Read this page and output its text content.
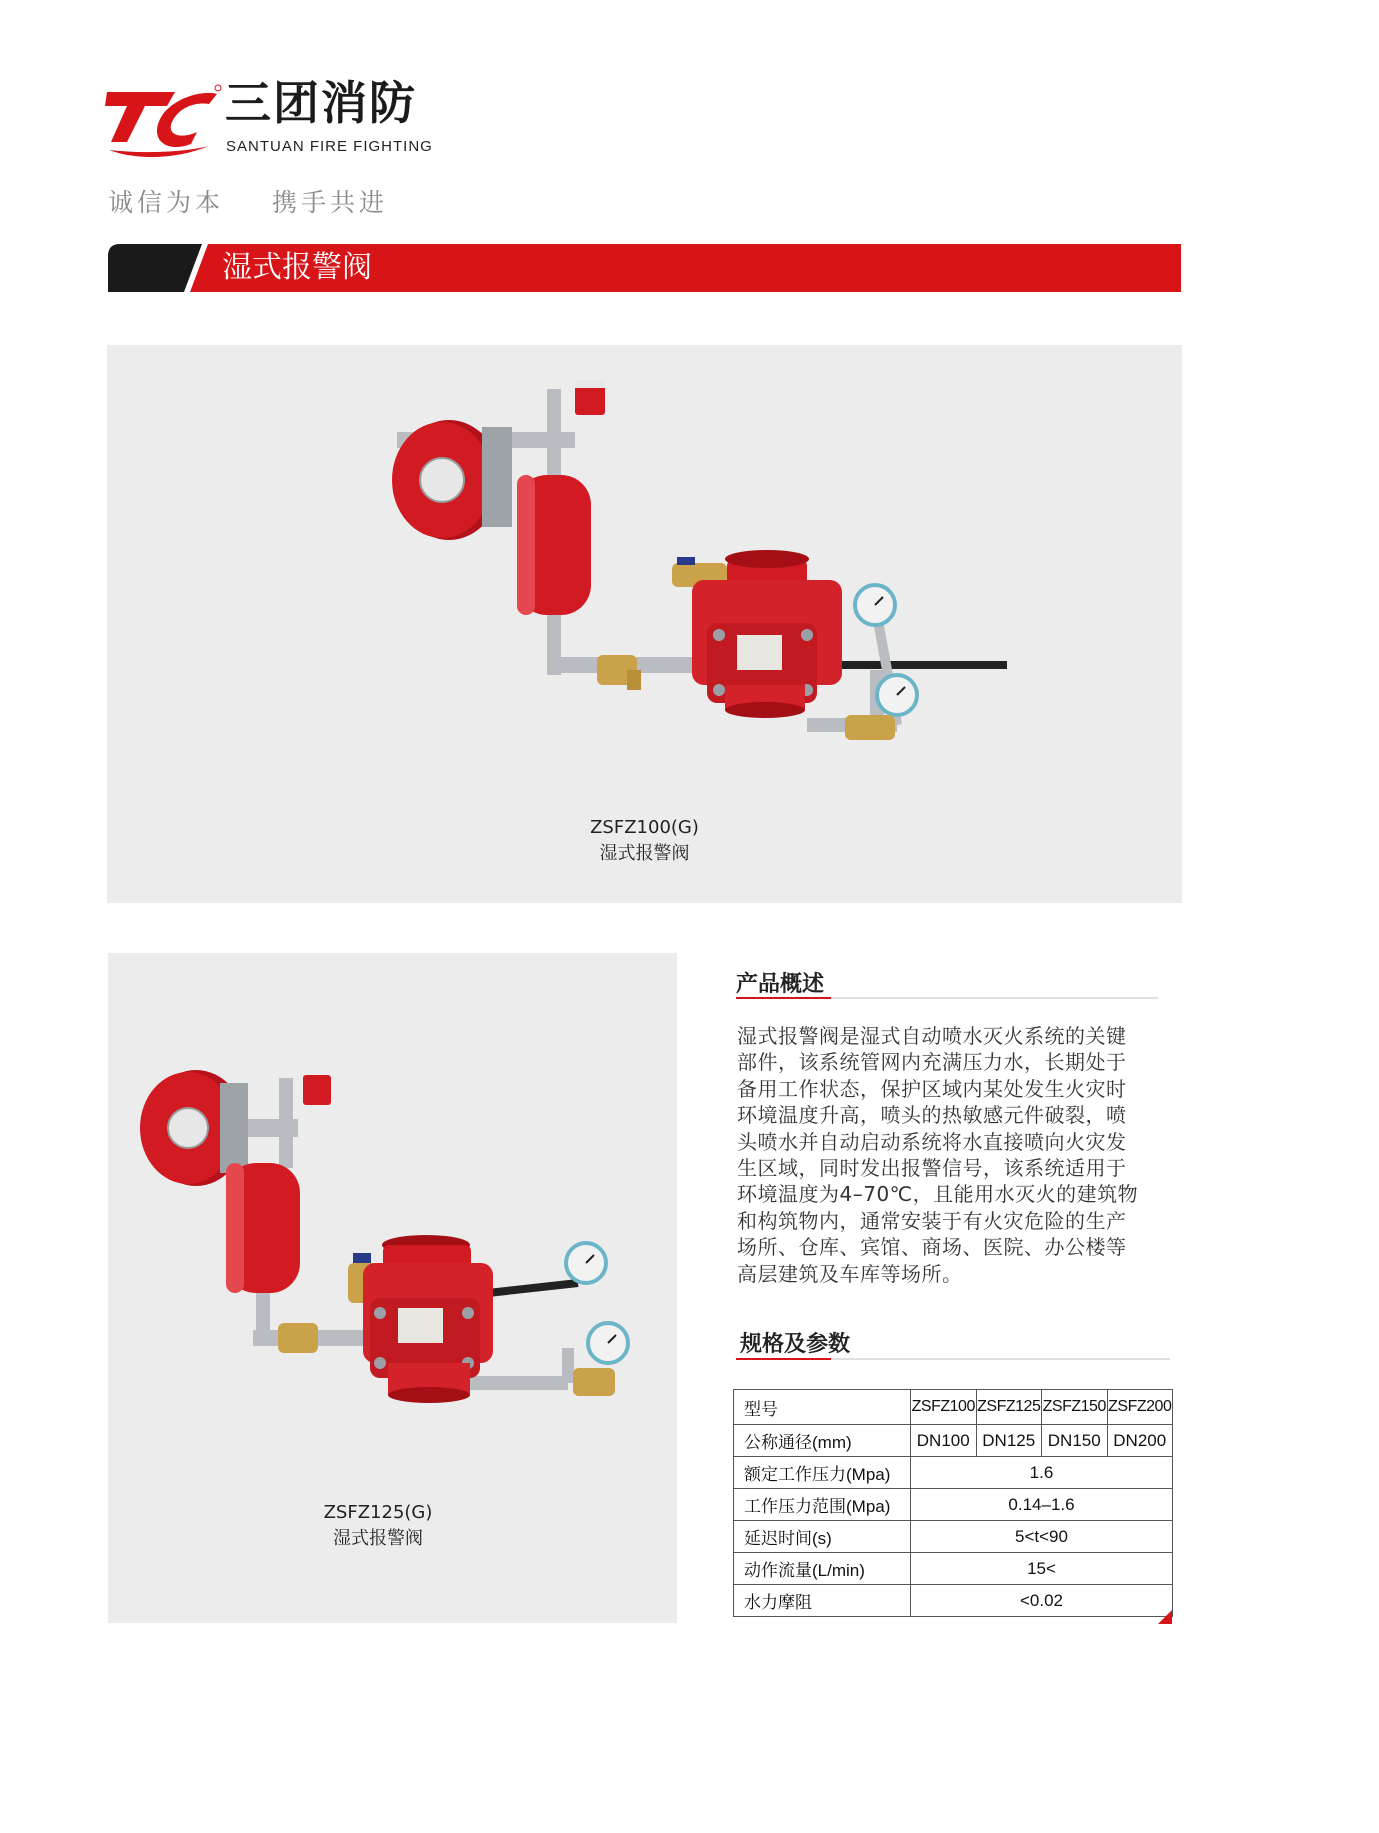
三团消防
SANTUAN FIRE FIGHTING
诚信为本 携手共进
湿式报警阀
ZSFZ100(G)
湿式报警阀
ZSFZ125(G)
湿式报警阀
产品概述
湿式报警阀是湿式自动喷水灭火系统的关键
部件，该系统管网内充满压力水，长期处于
备用工作状态，保护区域内某处发生火灾时
环境温度升高，喷头的热敏感元件破裂，喷
头喷水并自动启动系统将水直接喷向火灾发
生区域，同时发出报警信号，该系统适用于
环境温度为4–70℃，且能用水灭火的建筑物
和构筑物内，通常安装于有火灾危险的生产
场所、仓库、宾馆、商场、医院、办公楼等
高层建筑及车库等场所。
规格及参数
型号	ZSFZ100	ZSFZ125	ZSFZ150	ZSFZ200
公称通径(mm)	DN100	DN125	DN150	DN200
额定工作压力(Mpa)	1.6			
工作压力范围(Mpa)	0.14–1.6			
延迟时间(s)	5<t<90			
动作流量(L/min)	15<			
水力摩阻	<0.02			
